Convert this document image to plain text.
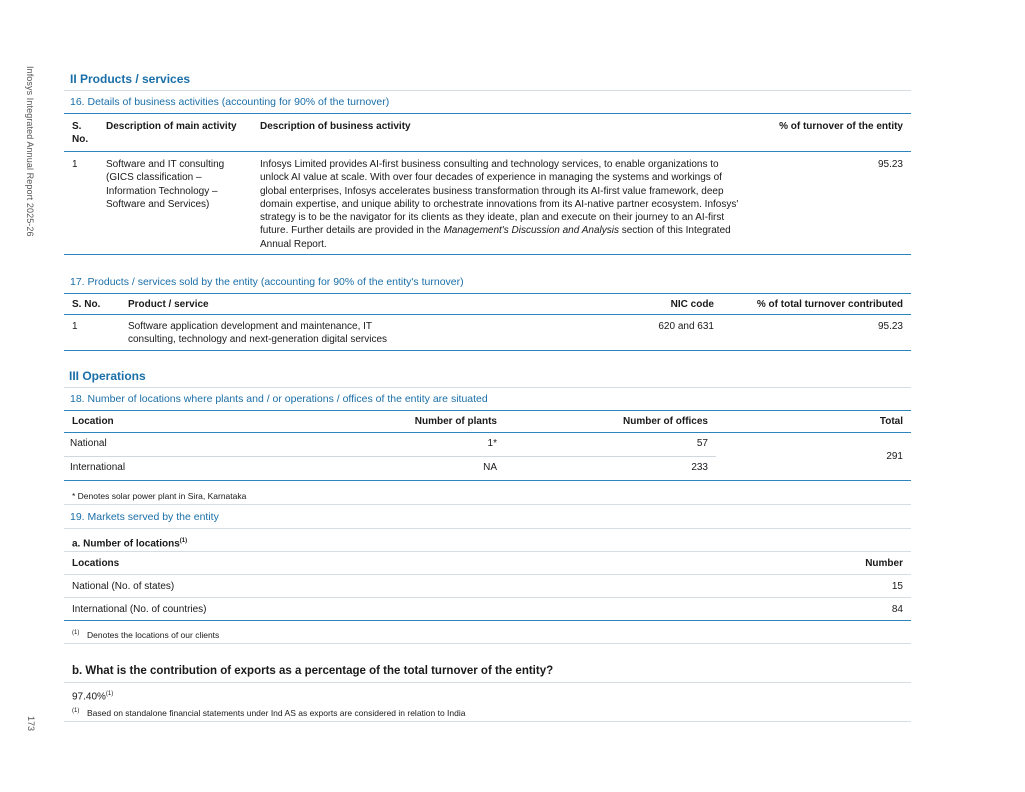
Infosys Integrated Annual Report 2025-26
173
II Products / services
16. Details of business activities (accounting for 90% of the turnover)
S. No.	Description of main activity	Description of business activity	% of turnover of the entity
1	Software and IT consulting (GICS classification – Information Technology – Software and Services)	Infosys Limited provides AI-first business consulting and technology services, to enable organizations to unlock AI value at scale. With over four decades of experience in managing the systems and workings of global enterprises, Infosys accelerates business transformation through its AI-first value framework, deep domain expertise, and unique ability to orchestrate innovations from its AI-native partner ecosystem. Infosys' strategy is to be the navigator for its clients as they ideate, plan and execute on their journey to an AI-first future. Further details are provided in the Management's Discussion and Analysis section of this Integrated Annual Report.	95.23
17. Products / services sold by the entity (accounting for 90% of the entity's turnover)
S. No.	Product / service	NIC code	% of total turnover contributed
1	Software application development and maintenance, IT consulting, technology and next-generation digital services	620 and 631	95.23
III Operations
18. Number of locations where plants and / or operations / offices of the entity are situated
Location	Number of plants	Number of offices	Total
National	1*	57	291
International	NA	233	
* Denotes solar power plant in Sira, Karnataka
19. Markets served by the entity
a. Number of locations$^{(1)}$
Locations	Number
National (No. of states)	15
International (No. of countries)	84
$^{(1)}$ Denotes the locations of our clients
b. What is the contribution of exports as a percentage of the total turnover of the entity?
97.40%$^{(1)}$
$^{(1)}$ Based on standalone financial statements under Ind AS as exports are considered in relation to India
